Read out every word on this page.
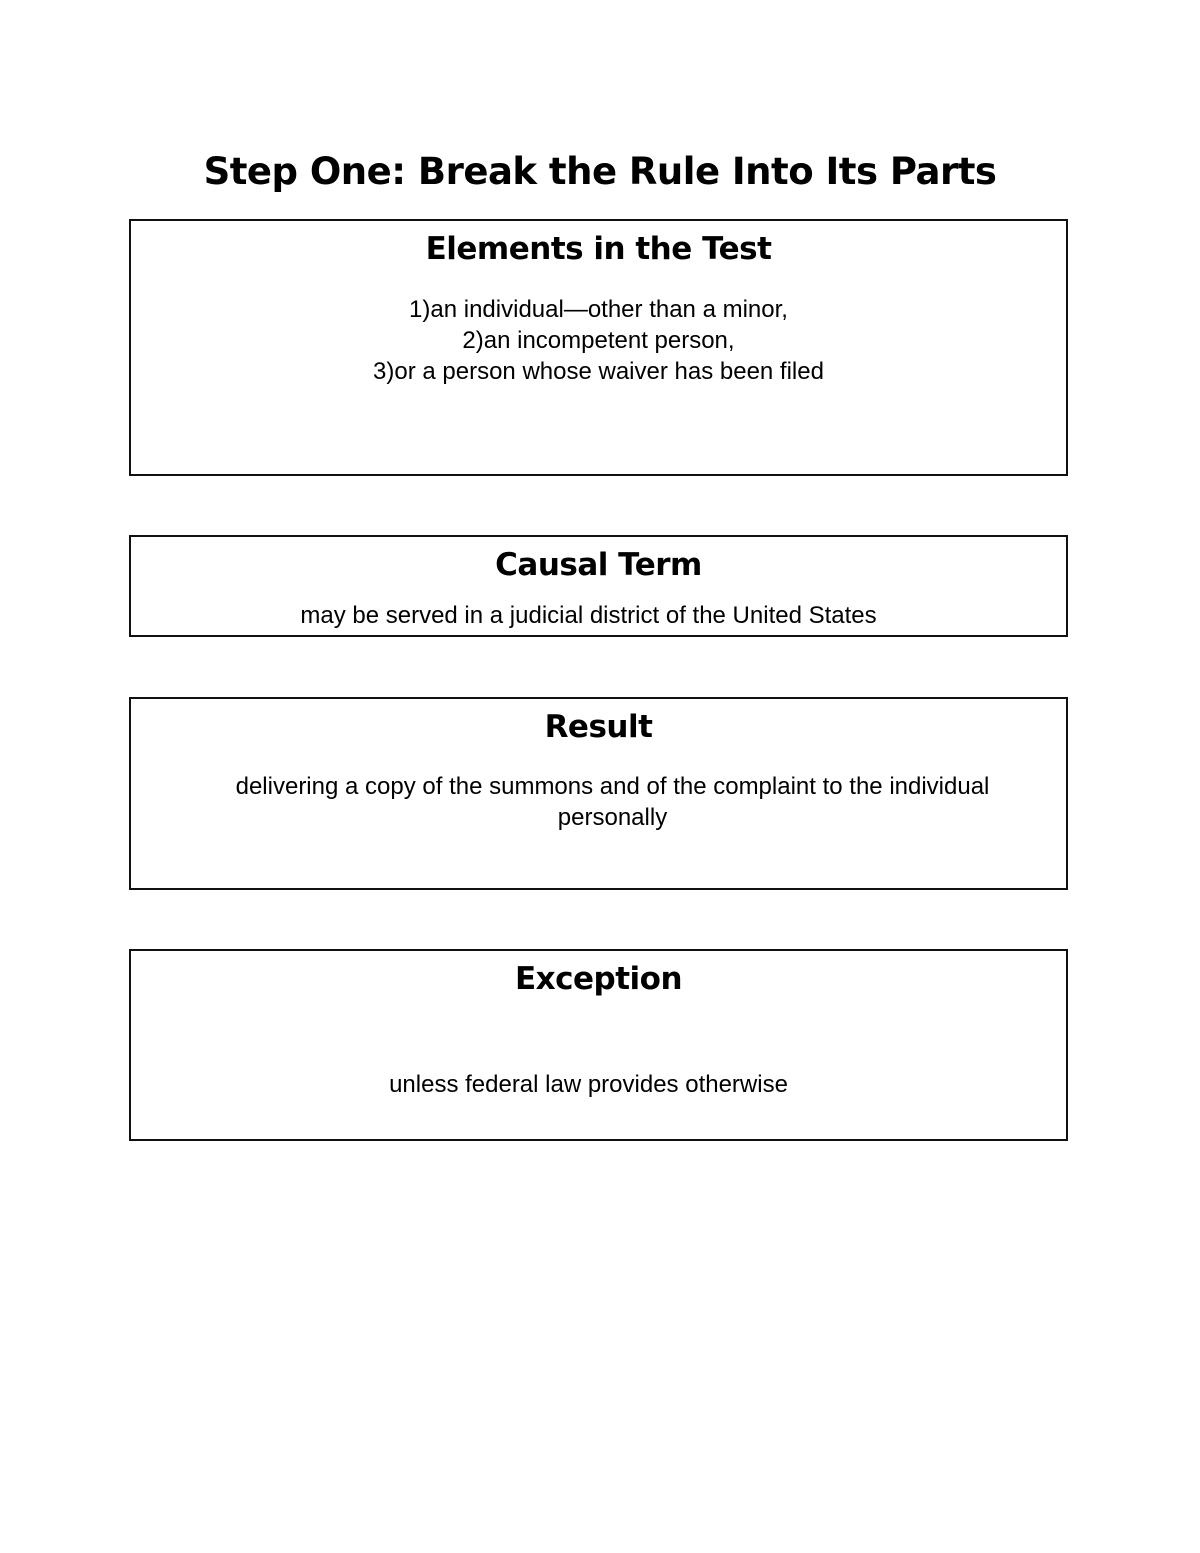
Step One: Break the Rule Into Its Parts
Elements in the Test
1)an individual—other than a minor,
2)an incompetent person,
3)or a person whose waiver has been filed
Causal Term
may be served in a judicial district of the United States
Result
delivering a copy of the summons and of the complaint to the individual
personally
Exception
unless federal law provides otherwise
